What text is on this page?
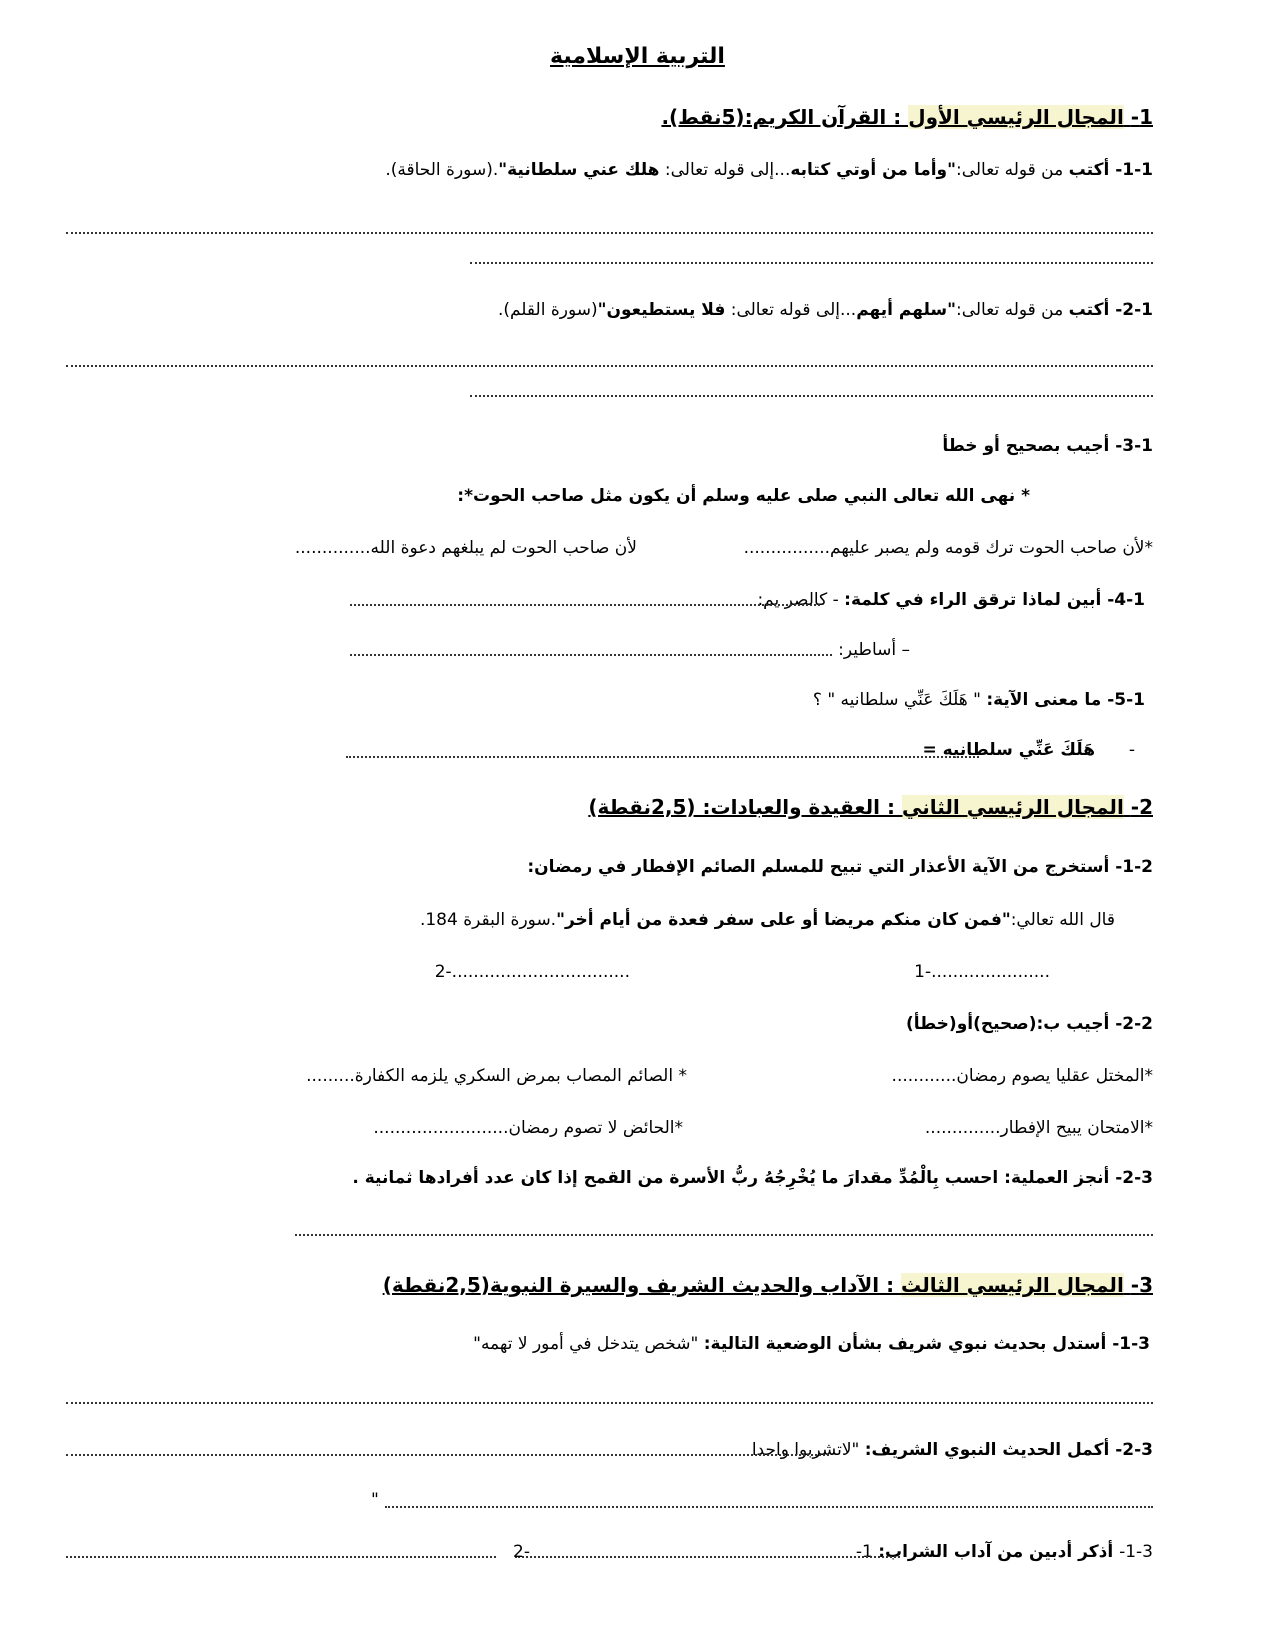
التربية الإسلامية
1- المجال الرئيسي الأول : القرآن الكريم:(5نقط).
1-1- أكتب من قوله تعالى:"وأما من أوتي كتابه...إلى قوله تعالى: هلك عني سلطانية".(سورة الحاقة).
2-1- أكتب من قوله تعالى:"سلهم أيهم...إلى قوله تعالى: فلا يستطيعون"(سورة القلم).
3-1- أجيب بصحيح أو خطأ
* نهى الله تعالى النبي صلى عليه وسلم أن يكون مثل صاحب الحوت*:
*لأن صاحب الحوت ترك قومه ولم يصبر عليهم................
لأن صاحب الحوت لم يبلغهم دعوة الله..............
4-1- أبين لماذا ترقق الراء في كلمة: - كالصر يم:
– أساطير:
5-1- ما معنى الآية: " هَلَكَ عَنِّي سلطانيه " ؟
-
هَلَكَ عَنِّي سلطانيه =
2- المجال الرئيسي الثاني : العقيدة والعبادات: (2,5نقطة)
1-2- أستخرج من الآية الأعذار التي تبيح للمسلم الصائم الإفطار في رمضان:
قال الله تعالي:"فمن كان منكم مريضا أو على سفر فعدة من أيام أخر".سورة البقرة 184.
1-......................
2-.................................
2-2- أجيب ب:(صحيح)أو(خطأ)
*المختل عقليا يصوم رمضان............
* الصائم المصاب بمرض السكري يلزمه الكفارة.........
*الامتحان يبيح الإفطار..............
*الحائض لا تصوم رمضان.........................
2-3- أنجز العملية: احسب بِالْمُدِّ مقدارَ ما يُخْرِجُهُ ربُّ الأسرة من القمح إذا كان عدد أفرادها ثمانية .
3- المجال الرئيسي الثالث : الآداب والحديث الشريف والسيرة النبوية(2,5نقطة)
1-3- أستدل بحديث نبوي شريف بشأن الوضعية التالية: "شخص يتدخل في أمور لا تهمه"
2-3- أكمل الحديث النبوي الشريف: "لاتشربوا واحدا
"
1-3- أذكر أدبين من آداب الشراب: 1-
2-
